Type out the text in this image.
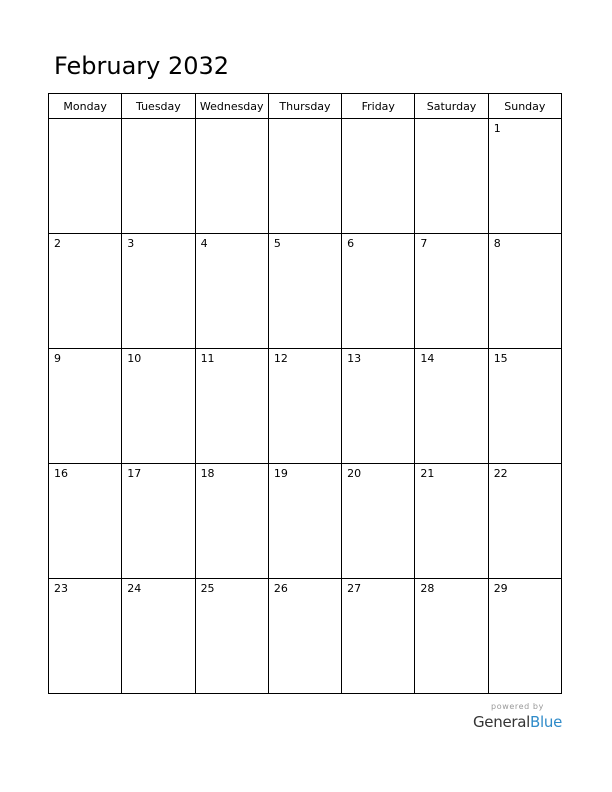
February 2032
Monday	Tuesday	Wednesday	Thursday	Friday	Saturday	Sunday

						1

2	3	4	5	6	7	8

9	10	11	12	13	14	15

16	17	18	19	20	21	22

23	24	25	26	27	28	29
powered by
GeneralBlue
